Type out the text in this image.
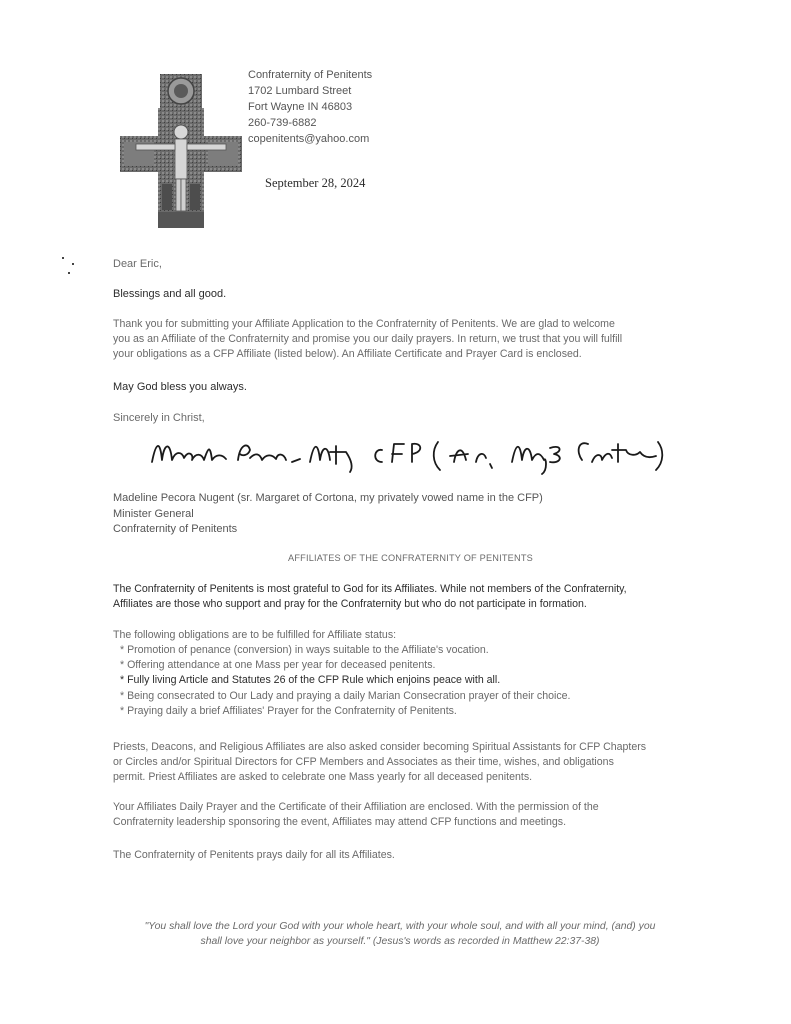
Confraternity of Penitents
1702 Lumbard Street
Fort Wayne IN 46803
260-739-6882
copenitents@yahoo.com
September 28, 2024
Dear Eric,
Blessings and all good.
Thank you for submitting your Affiliate Application to the Confraternity of Penitents. We are glad to welcome
you as an Affiliate of the Confraternity and promise you our daily prayers. In return, we trust that you will fulfill
your obligations as a CFP Affiliate (listed below). An Affiliate Certificate and Prayer Card is enclosed.
May God bless you always.
Sincerely in Christ,
Madeline Pecora Nugent (sr. Margaret of Cortona, my privately vowed name in the CFP)
Minister General
Confraternity of Penitents
AFFILIATES OF THE CONFRATERNITY OF PENITENTS
The Confraternity of Penitents is most grateful to God for its Affiliates. While not members of the Confraternity,
Affiliates are those who support and pray for the Confraternity but who do not participate in formation.
The following obligations are to be fulfilled for Affiliate status:
* Promotion of penance (conversion) in ways suitable to the Affiliate's vocation.
* Offering attendance at one Mass per year for deceased penitents.
* Fully living Article and Statutes 26 of the CFP Rule which enjoins peace with all.
* Being consecrated to Our Lady and praying a daily Marian Consecration prayer of their choice.
* Praying daily a brief Affiliates' Prayer for the Confraternity of Penitents.
Priests, Deacons, and Religious Affiliates are also asked consider becoming Spiritual Assistants for CFP Chapters
or Circles and/or Spiritual Directors for CFP Members and Associates as their time, wishes, and obligations
permit. Priest Affiliates are asked to celebrate one Mass yearly for all deceased penitents.
Your Affiliates Daily Prayer and the Certificate of their Affiliation are enclosed. With the permission of the
Confraternity leadership sponsoring the event, Affiliates may attend CFP functions and meetings.
The Confraternity of Penitents prays daily for all its Affiliates.
"You shall love the Lord your God with your whole heart, with your whole soul, and with all your mind, (and) you
shall love your neighbor as yourself." (Jesus's words as recorded in Matthew 22:37-38)
